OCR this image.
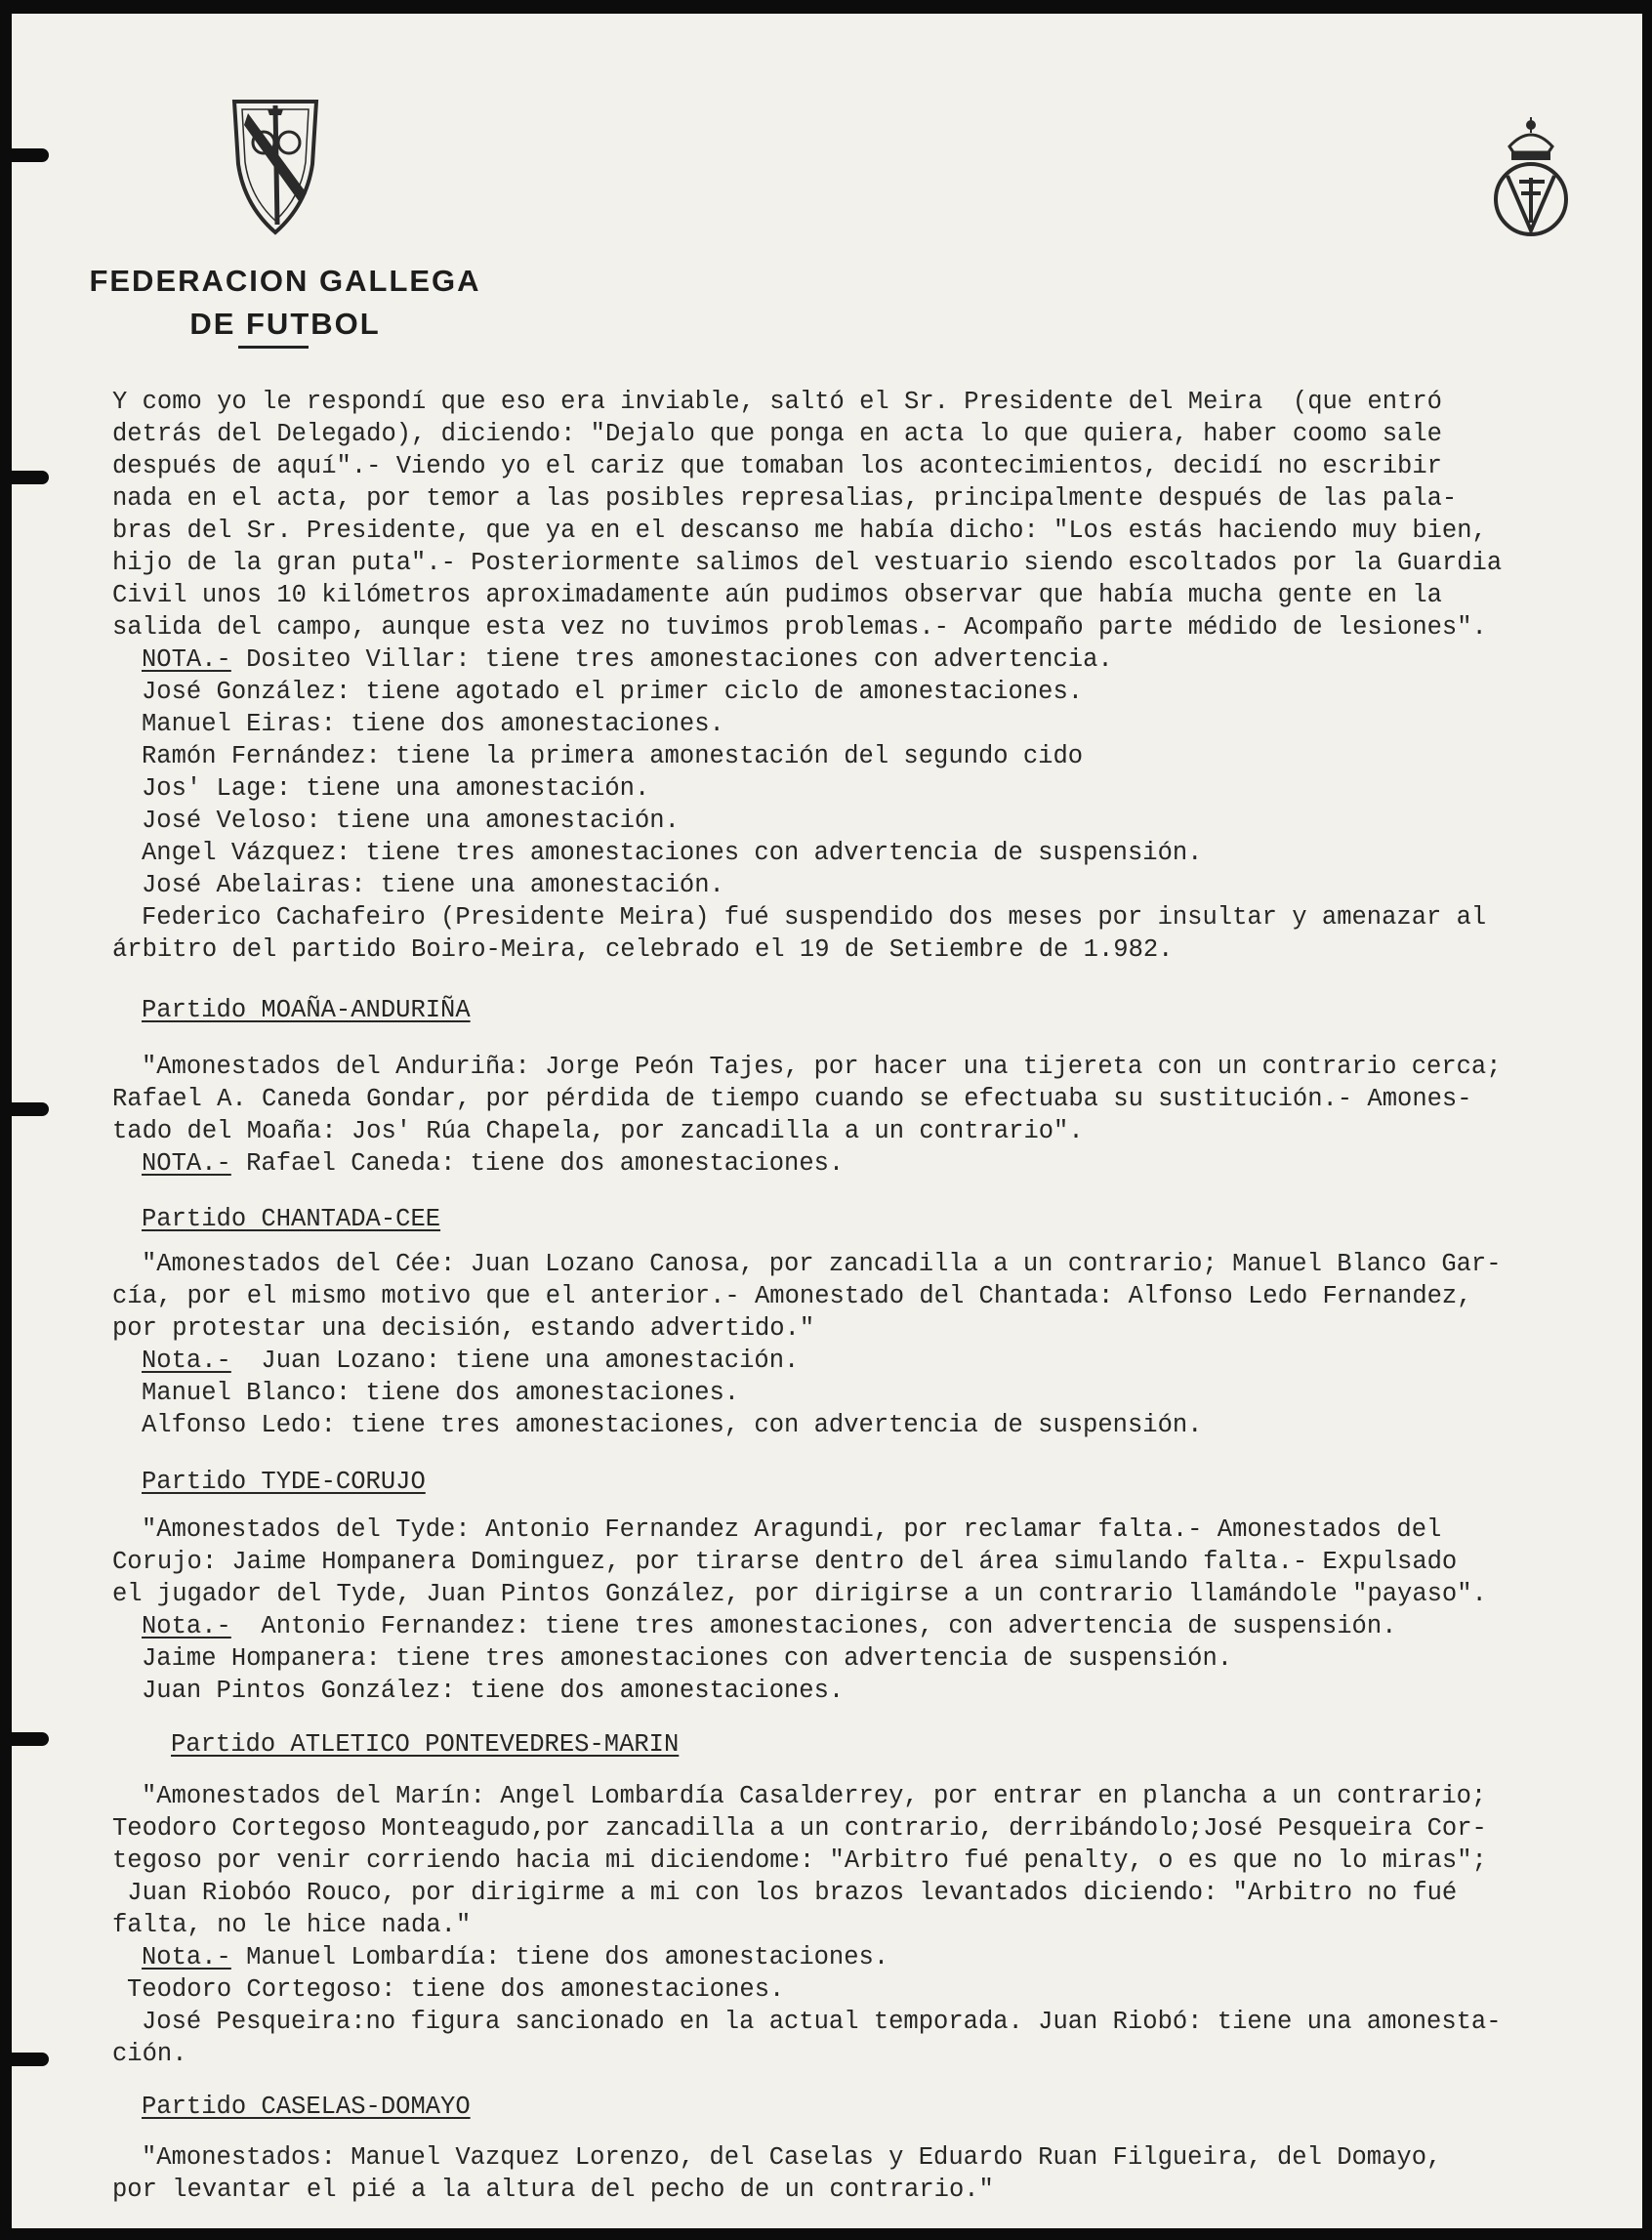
FEDERACION GALLEGA
DE FUTBOL
Y como yo le respondí que eso era inviable, saltó el Sr. Presidente del Meira  (que entró
detrás del Delegado), diciendo: "Dejalo que ponga en acta lo que quiera, haber coomo sale
después de aquí".- Viendo yo el cariz que tomaban los acontecimientos, decidí no escribir
nada en el acta, por temor a las posibles represalias, principalmente después de las pala-
bras del Sr. Presidente, que ya en el descanso me había dicho: "Los estás haciendo muy bien,
hijo de la gran puta".- Posteriormente salimos del vestuario siendo escoltados por la Guardia
Civil unos 10 kilómetros aproximadamente aún pudimos observar que había mucha gente en la
salida del campo, aunque esta vez no tuvimos problemas.- Acompaño parte médido de lesiones".
NOTA.- Dositeo Villar: tiene tres amonestaciones con advertencia.
José González: tiene agotado el primer ciclo de amonestaciones.
Manuel Eiras: tiene dos amonestaciones.
Ramón Fernández: tiene la primera amonestación del segundo cido
Jos' Lage: tiene una amonestación.
José Veloso: tiene una amonestación.
Angel Vázquez: tiene tres amonestaciones con advertencia de suspensión.
José Abelairas: tiene una amonestación.
Federico Cachafeiro (Presidente Meira) fué suspendido dos meses por insultar y amenazar al
árbitro del partido Boiro-Meira, celebrado el 19 de Setiembre de 1.982.
Partido MOAÑA-ANDURIÑA
"Amonestados del Anduriña: Jorge Peón Tajes, por hacer una tijereta con un contrario cerca;
Rafael A. Caneda Gondar, por pérdida de tiempo cuando se efectuaba su sustitución.- Amones-
tado del Moaña: Jos' Rúa Chapela, por zancadilla a un contrario".
NOTA.- Rafael Caneda: tiene dos amonestaciones.
Partido CHANTADA-CEE
"Amonestados del Cée: Juan Lozano Canosa, por zancadilla a un contrario; Manuel Blanco Gar-
cía, por el mismo motivo que el anterior.- Amonestado del Chantada: Alfonso Ledo Fernandez,
por protestar una decisión, estando advertido."
Nota.-  Juan Lozano: tiene una amonestación.
Manuel Blanco: tiene dos amonestaciones.
Alfonso Ledo: tiene tres amonestaciones, con advertencia de suspensión.
Partido TYDE-CORUJO
"Amonestados del Tyde: Antonio Fernandez Aragundi, por reclamar falta.- Amonestados del
Corujo: Jaime Hompanera Dominguez, por tirarse dentro del área simulando falta.- Expulsado
el jugador del Tyde, Juan Pintos González, por dirigirse a un contrario llamándole "payaso".
Nota.-  Antonio Fernandez: tiene tres amonestaciones, con advertencia de suspensión.
Jaime Hompanera: tiene tres amonestaciones con advertencia de suspensión.
Juan Pintos González: tiene dos amonestaciones.
Partido ATLETICO PONTEVEDRES-MARIN
"Amonestados del Marín: Angel Lombardía Casalderrey, por entrar en plancha a un contrario;
Teodoro Cortegoso Monteagudo,por zancadilla a un contrario, derribándolo;José Pesqueira Cor-
tegoso por venir corriendo hacia mi diciendome: "Arbitro fué penalty, o es que no lo miras";
Juan Riobóo Rouco, por dirigirme a mi con los brazos levantados diciendo: "Arbitro no fué
falta, no le hice nada."
Nota.- Manuel Lombardía: tiene dos amonestaciones.
Teodoro Cortegoso: tiene dos amonestaciones.
José Pesqueira:no figura sancionado en la actual temporada. Juan Riobó: tiene una amonesta-
ción.
Partido CASELAS-DOMAYO
"Amonestados: Manuel Vazquez Lorenzo, del Caselas y Eduardo Ruan Filgueira, del Domayo,
por levantar el pié a la altura del pecho de un contrario."
